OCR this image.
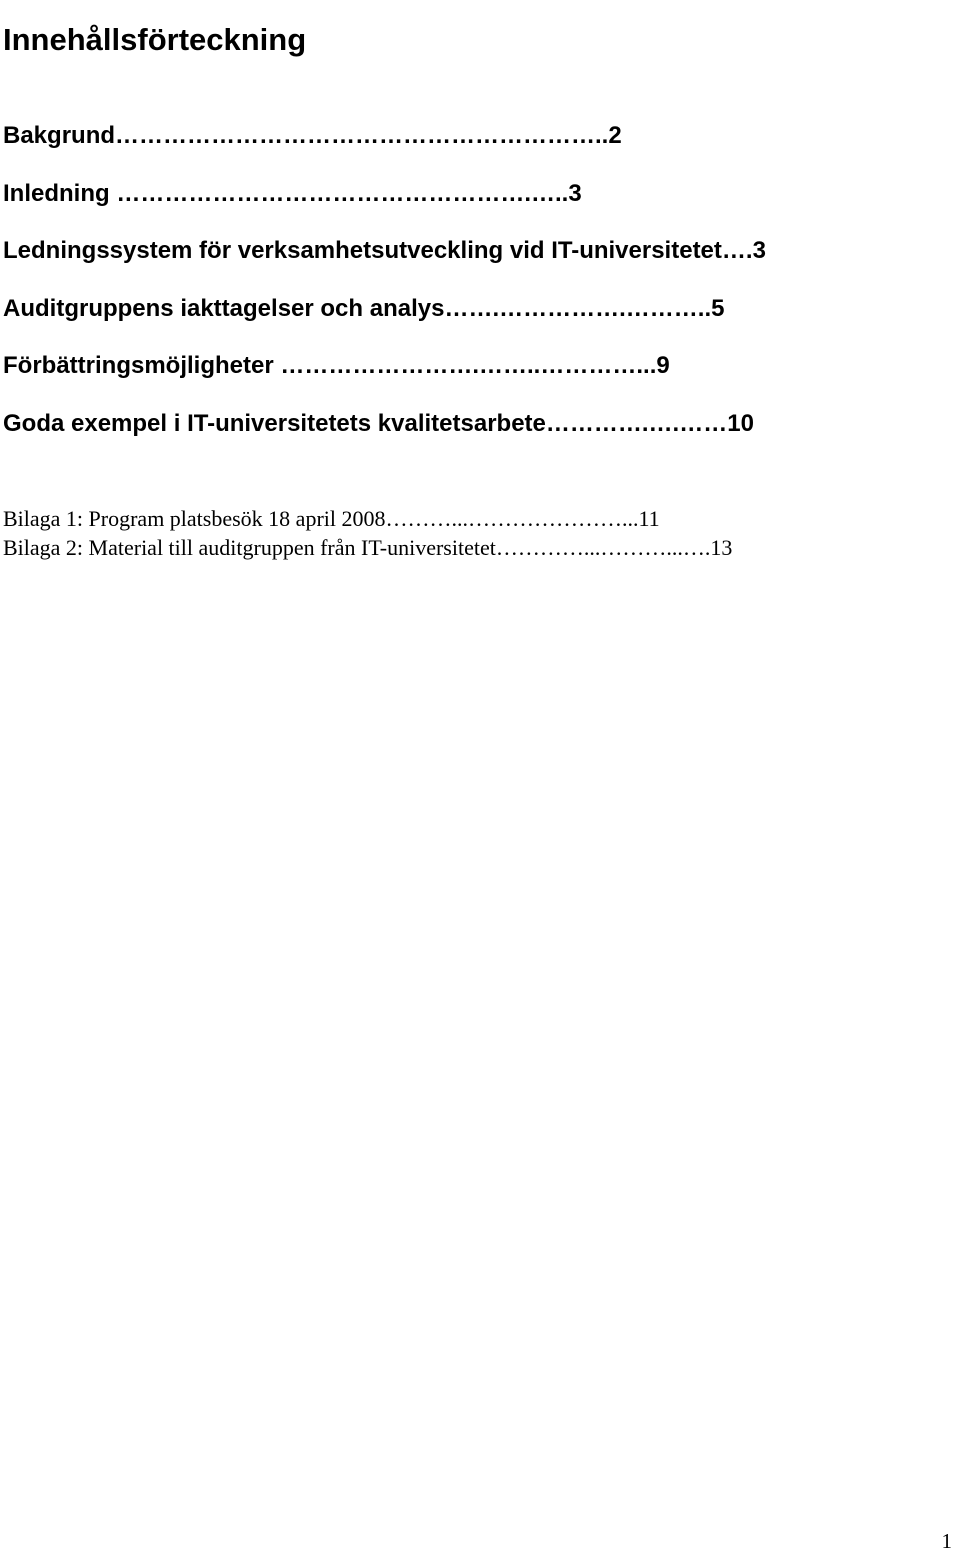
Innehållsförteckning
Bakgrund……………………………………………………..2
Inledning …………………………………………….…..3
Ledningssystem för verksamhetsutveckling vid IT-universitetet….3
Auditgruppens iakttagelser och analys…….…………….………..5
Förbättringsmöjligheter …………………….……..…………...9
Goda exempel i IT-universitetets kvalitetsarbete………….….……10
Bilaga 1: Program platsbesök 18 april 2008………...…………………...11
Bilaga 2: Material till auditgruppen från IT-universitetet…………...………...….13
1
